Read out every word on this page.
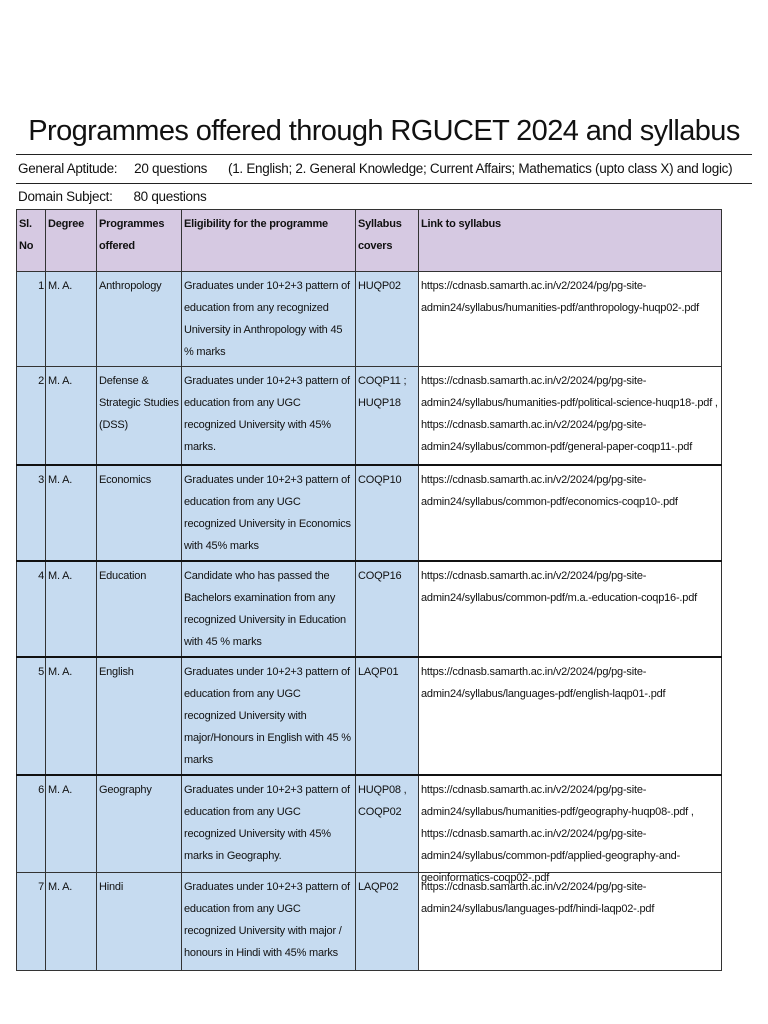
Programmes offered through RGUCET 2024 and syllabus
General Aptitude: 20 questions (1. English; 2. General Knowledge; Current Affairs; Mathematics (upto class X) and logic)
Domain Subject: 80 questions
Sl. No	Degree	Programmes offered	Eligibility for the programme	Syllabus covers	Link to syllabus
1	M. A.	Anthropology	Graduates under 10+2+3 pattern of education from any recognized University in Anthropology with 45 % marks	HUQP02	https://cdnasb.samarth.ac.in/v2/2024/pg/pg-site-admin24/syllabus/humanities-pdf/anthropology-huqp02-.pdf

2	M. A.	Defense & Strategic Studies (DSS)	Graduates under 10+2+3 pattern of education from any UGC recognized University with 45% marks.	COQP11 ; HUQP18	https://cdnasb.samarth.ac.in/v2/2024/pg/pg-site-admin24/syllabus/humanities-pdf/political-science-huqp18-.pdf ,
https://cdnasb.samarth.ac.in/v2/2024/pg/pg-site-admin24/syllabus/common-pdf/general-paper-coqp11-.pdf

3	M. A.	Economics	Graduates under 10+2+3 pattern of education from any UGC recognized University in Economics with 45% marks	COQP10	https://cdnasb.samarth.ac.in/v2/2024/pg/pg-site-admin24/syllabus/common-pdf/economics-coqp10-.pdf

4	M. A.	Education	Candidate who has passed the Bachelors examination from any recognized University in Education with 45 % marks	COQP16	https://cdnasb.samarth.ac.in/v2/2024/pg/pg-site-admin24/syllabus/common-pdf/m.a.-education-coqp16-.pdf

5	M. A.	English	Graduates under 10+2+3 pattern of education from any UGC recognized University with major/Honours in English with 45 % marks	LAQP01	https://cdnasb.samarth.ac.in/v2/2024/pg/pg-site-admin24/syllabus/languages-pdf/english-laqp01-.pdf

6	M. A.	Geography	Graduates under 10+2+3 pattern of education from any UGC recognized University with 45% marks in Geography.	HUQP08 , COQP02	https://cdnasb.samarth.ac.in/v2/2024/pg/pg-site-admin24/syllabus/humanities-pdf/geography-huqp08-.pdf ,
https://cdnasb.samarth.ac.in/v2/2024/pg/pg-site-admin24/syllabus/common-pdf/applied-geography-and-geoinformatics-coqp02-.pdf

7	M. A.	Hindi	Graduates under 10+2+3 pattern of education from any UGC recognized University with major / honours in Hindi with 45% marks	LAQP02	https://cdnasb.samarth.ac.in/v2/2024/pg/pg-site-admin24/syllabus/languages-pdf/hindi-laqp02-.pdf
